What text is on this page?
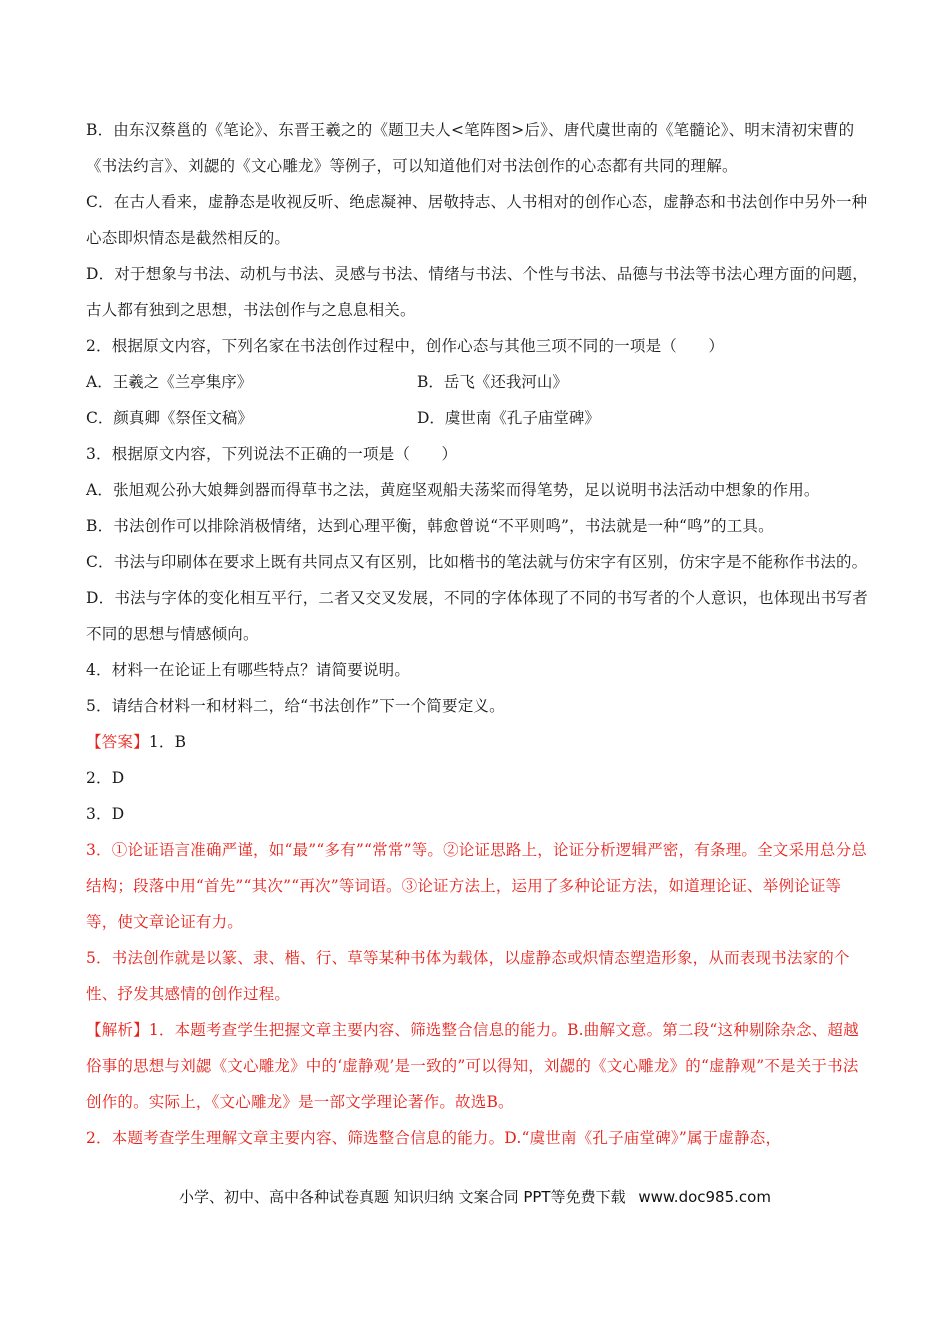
B．由东汉蔡邕的《笔论》、东晋王羲之的《题卫夫人<笔阵图>后》、唐代虞世南的《笔髓论》、明末清初宋曹的《书法约言》、刘勰的《文心雕龙》等例子，可以知道他们对书法创作的心态都有共同的理解。

C．在古人看来，虚静态是收视反听、绝虑凝神、居敬持志、人书相对的创作心态，虚静态和书法创作中另外一种心态即炽情态是截然相反的。

D．对于想象与书法、动机与书法、灵感与书法、情绪与书法、个性与书法、品德与书法等书法心理方面的问题，古人都有独到之思想，书法创作与之息息相关。

2．根据原文内容，下列名家在书法创作过程中，创作心态与其他三项不同的一项是（　　）

A．王羲之《兰亭集序》	B．岳飞《还我河山》

C．颜真卿《祭侄文稿》	D．虞世南《孔子庙堂碑》

3．根据原文内容，下列说法不正确的一项是（　　）

A．张旭观公孙大娘舞剑器而得草书之法，黄庭坚观船夫荡桨而得笔势，足以说明书法活动中想象的作用。

B．书法创作可以排除消极情绪，达到心理平衡，韩愈曾说“不平则鸣”，书法就是一种“鸣”的工具。

C．书法与印刷体在要求上既有共同点又有区别，比如楷书的笔法就与仿宋字有区别，仿宋字是不能称作书法的。

D．书法与字体的变化相互平行，二者又交叉发展，不同的字体体现了不同的书写者的个人意识，也体现出书写者不同的思想与情感倾向。

4．材料一在论证上有哪些特点？请简要说明。

5．请结合材料一和材料二，给“书法创作”下一个简要定义。

【答案】1．B

2．D

3．D

3．①论证语言准确严谨，如“最”“多有”“常常”等。②论证思路上，论证分析逻辑严密，有条理。全文采用总分总结构；段落中用“首先”“其次”“再次”等词语。③论证方法上，运用了多种论证方法，如道理论证、举例论证等等，使文章论证有力。

5．书法创作就是以篆、隶、楷、行、草等某种书体为载体，以虚静态或炽情态塑造形象，从而表现书法家的个性、抒发其感情的创作过程。

【解析】1．本题考查学生把握文章主要内容、筛选整合信息的能力。B.曲解文意。第二段“这种剔除杂念、超越俗事的思想与刘勰《文心雕龙》中的‘虚静观’是一致的”可以得知，刘勰的《文心雕龙》的“虚静观”不是关于书法创作的。实际上，《文心雕龙》是一部文学理论著作。故选B。

2．本题考查学生理解文章主要内容、筛选整合信息的能力。D.“虞世南《孔子庙堂碑》”属于虚静态，

小学、初中、高中各种试卷真题 知识归纳 文案合同 PPT等免费下载 www.doc985.com
